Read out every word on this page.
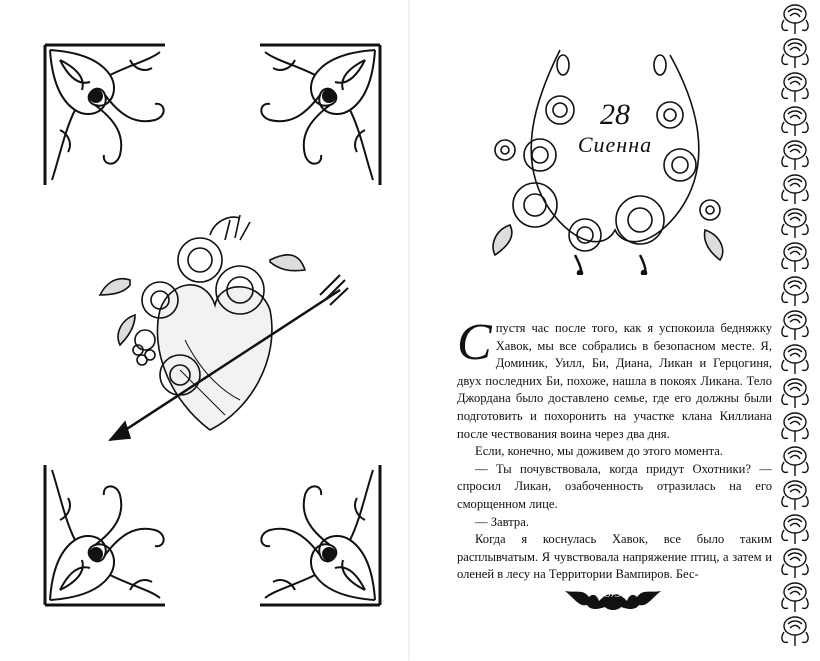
28
Сиенна

Спустя час после того, как я успокоила бедняжку Хавок, мы все собрались в безопасном месте. Я, Доминик, Уилл, Би, Диана, Ликан и Герцогиня, двух последних Би, похоже, нашла в покоях Ликана. Тело Джордана было доставлено семье, где его должны были подготовить и похоронить на участке клана Киллиана после чествования воина через два дня.

Если, конечно, мы доживем до этого момента.

— Ты почувствовала, когда придут Охотники? — спросил Ликан, озабоченность отразилась на его сморщенном лице.

— Завтра.

Когда я коснулась Хавок, все было таким расплывчатым. Я чувствовала напряжение птиц, а затем и оленей в лесу на Территории Вампиров. Бес-

373
